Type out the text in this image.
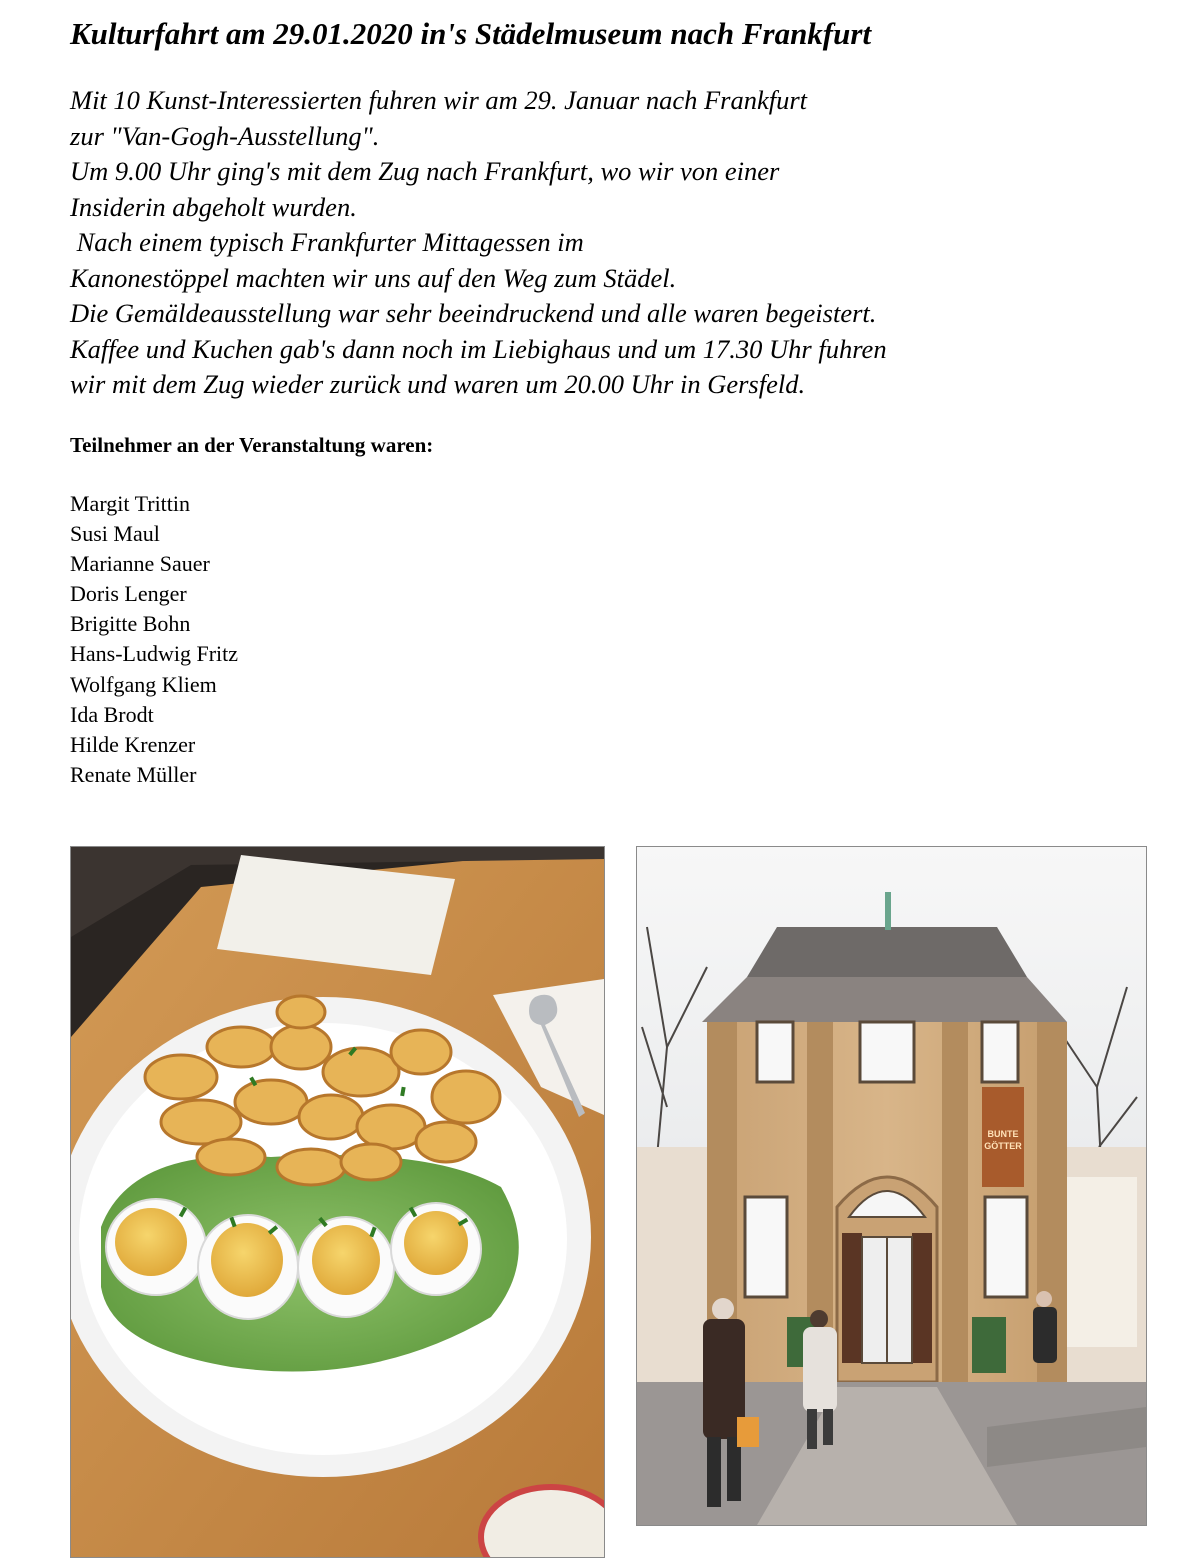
Kulturfahrt am 29.01.2020 in's Städelmuseum nach Frankfurt
Mit 10 Kunst-Interessierten fuhren wir am 29. Januar nach Frankfurt
zur "Van-Gogh-Ausstellung".
Um 9.00 Uhr ging's mit dem Zug nach Frankfurt, wo wir von einer
Insiderin abgeholt wurden.
Nach einem typisch Frankfurter Mittagessen im
Kanonestöppel machten wir uns auf den Weg zum Städel.
Die Gemäldeausstellung war sehr beeindruckend und alle waren begeistert.
Kaffee und Kuchen gab's dann noch im Liebighaus und um 17.30 Uhr fuhren
wir mit dem Zug wieder zurück und waren um 20.00 Uhr in Gersfeld.
Teilnehmer an der Veranstaltung waren:
Margit Trittin
Susi Maul
Marianne Sauer
Doris Lenger
Brigitte Bohn
Hans-Ludwig Fritz
Wolfgang Kliem
Ida Brodt
Hilde Krenzer
Renate Müller
BUNTE
GÖTTER
